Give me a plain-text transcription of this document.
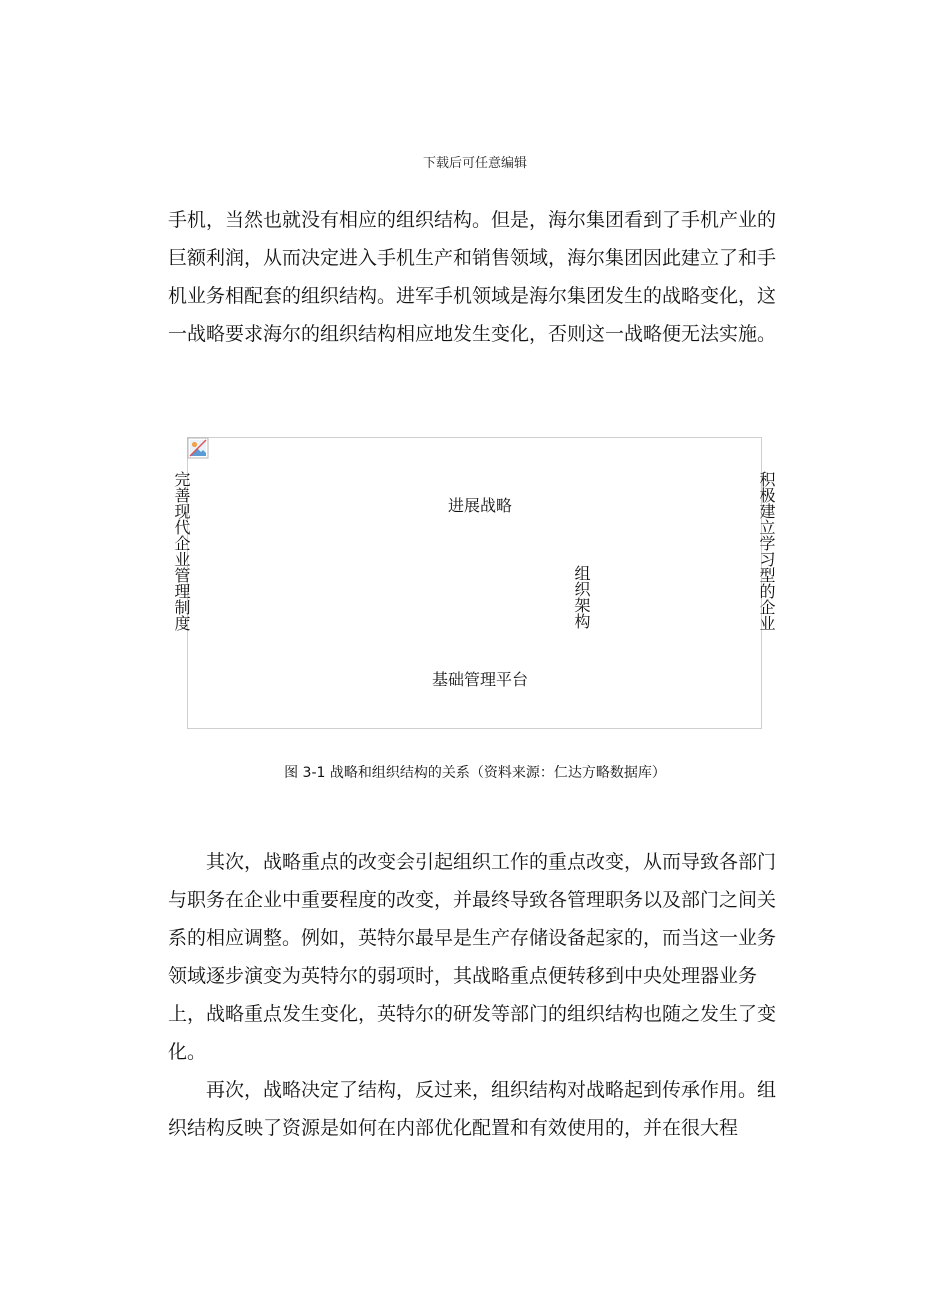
下载后可任意编辑

手机，当然也就没有相应的组织结构。但是，海尔集团看到了手机产业的巨额利润，从而决定进入手机生产和销售领域，海尔集团因此建立了和手机业务相配套的组织结构。进军手机领域是海尔集团发生的战略变化，这一战略要求海尔的组织结构相应地发生变化，否则这一战略便无法实施。

完善现代企业管理制度	积极建立学习型的企业
进展战略
组织架构
基础管理平台
图 3-1 战略和组织结构的关系（资料来源：仁达方略数据库）

其次，战略重点的改变会引起组织工作的重点改变，从而导致各部门与职务在企业中重要程度的改变，并最终导致各管理职务以及部门之间关系的相应调整。例如，英特尔最早是生产存储设备起家的，而当这一业务领域逐步演变为英特尔的弱项时，其战略重点便转移到中央处理器业务上，战略重点发生变化，英特尔的研发等部门的组织结构也随之发生了变化。

再次，战略决定了结构，反过来，组织结构对战略起到传承作用。组织结构反映了资源是如何在内部优化配置和有效使用的，并在很大程
